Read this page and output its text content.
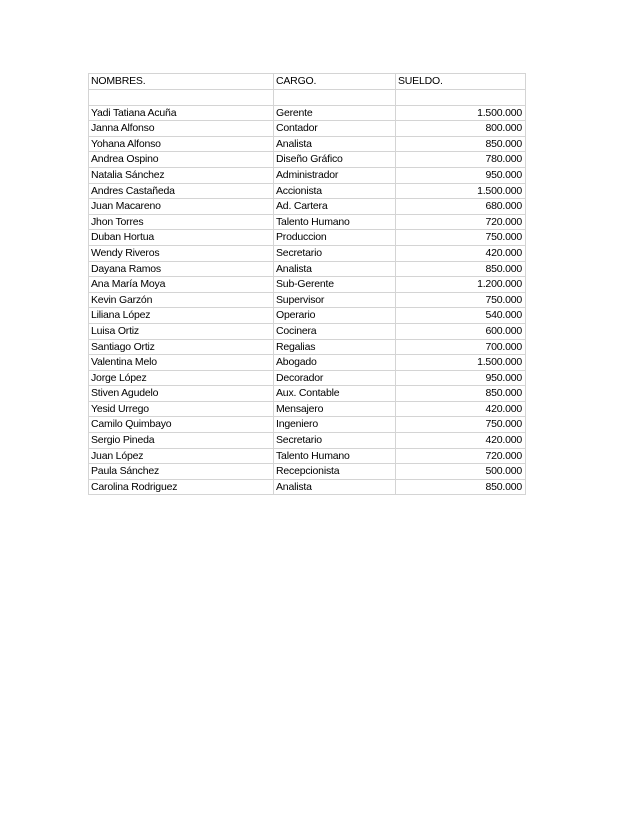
NOMBRES.	CARGO.	SUELDO.

Yadi Tatiana Acuña	Gerente	1.500.000
Janna Alfonso	Contador	800.000
Yohana Alfonso	Analista	850.000
Andrea Ospino	Diseño Gráfico	780.000
Natalia Sánchez	Administrador	950.000
Andres Castañeda	Accionista	1.500.000
Juan Macareno	Ad. Cartera	680.000
Jhon Torres	Talento Humano	720.000
Duban Hortua	Produccion	750.000
Wendy Riveros	Secretario	420.000
Dayana Ramos	Analista	850.000
Ana María Moya	Sub-Gerente	1.200.000
Kevin Garzón	Supervisor	750.000
Liliana López	Operario	540.000
Luisa Ortiz	Cocinera	600.000
Santiago Ortiz	Regalias	700.000
Valentina Melo	Abogado	1.500.000
Jorge López	Decorador	950.000
Stiven Agudelo	Aux. Contable	850.000
Yesid Urrego	Mensajero	420.000
Camilo Quimbayo	Ingeniero	750.000
Sergio Pineda	Secretario	420.000
Juan López	Talento Humano	720.000
Paula Sánchez	Recepcionista	500.000
Carolina Rodriguez	Analista	850.000
